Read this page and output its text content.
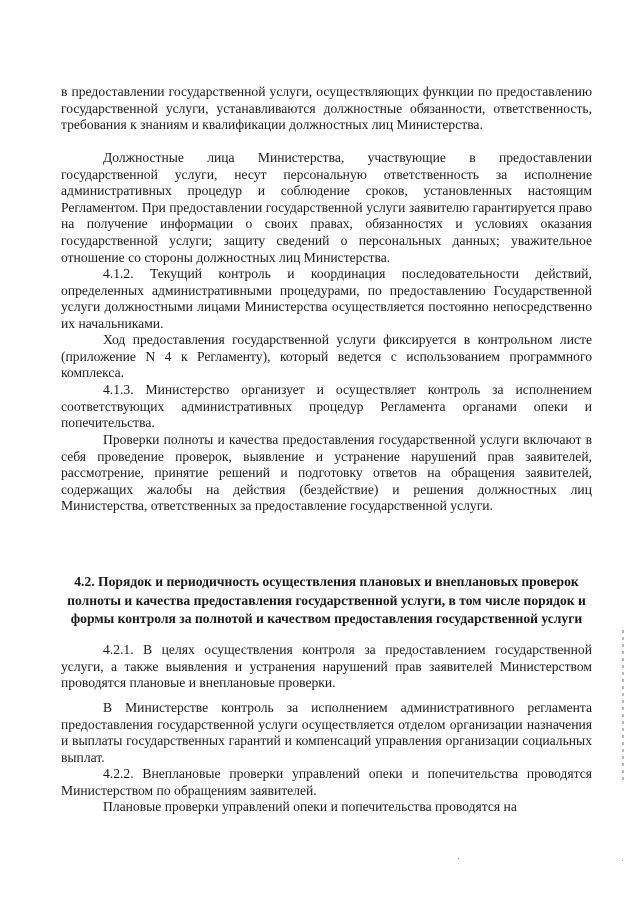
в предоставлении государственной услуги, осуществляющих функции по предоставлению государственной услуги, устанавливаются должностные обязанности, ответственность, требования к знаниям и квалификации должностных лиц Министерства.

Должностные лица Министерства, участвующие в предоставлении государственной услуги, несут персональную ответственность за исполнение административных процедур и соблюдение сроков, установленных настоящим Регламентом. При предоставлении государственной услуги заявителю гарантируется право на получение информации о своих правах, обязанностях и условиях оказания государственной услуги; защиту сведений о персональных данных; уважительное отношение со стороны должностных лиц Министерства.

4.1.2. Текущий контроль и координация последовательности действий, определенных административными процедурами, по предоставлению Государственной услуги должностными лицами Министерства осуществляется постоянно непосредственно их начальниками.

Ход предоставления государственной услуги фиксируется в контрольном листе (приложение N 4 к Регламенту), который ведется с использованием программного комплекса.

4.1.3. Министерство организует и осуществляет контроль за исполнением соответствующих административных процедур Регламента органами опеки и попечительства.

Проверки полноты и качества предоставления государственной услуги включают в себя проведение проверок, выявление и устранение нарушений прав заявителей, рассмотрение, принятие решений и подготовку ответов на обращения заявителей, содержащих жалобы на действия (бездействие) и решения должностных лиц Министерства, ответственных за предоставление государственной услуги.

4.2. Порядок и периодичность осуществления плановых и внеплановых проверок полноты и качества предоставления государственной услуги, в том числе порядок и формы контроля за полнотой и качеством предоставления государственной услуги

4.2.1. В целях осуществления контроля за предоставлением государственной услуги, а также выявления и устранения нарушений прав заявителей Министерством проводятся плановые и внеплановые проверки.

В Министерстве контроль за исполнением административного регламента предоставления государственной услуги осуществляется отделом организации назначения и выплаты государственных гарантий и компенсаций управления организации социальных выплат.

4.2.2. Внеплановые проверки управлений опеки и попечительства проводятся Министерством по обращениям заявителей.

Плановые проверки управлений опеки и попечительства проводятся на
